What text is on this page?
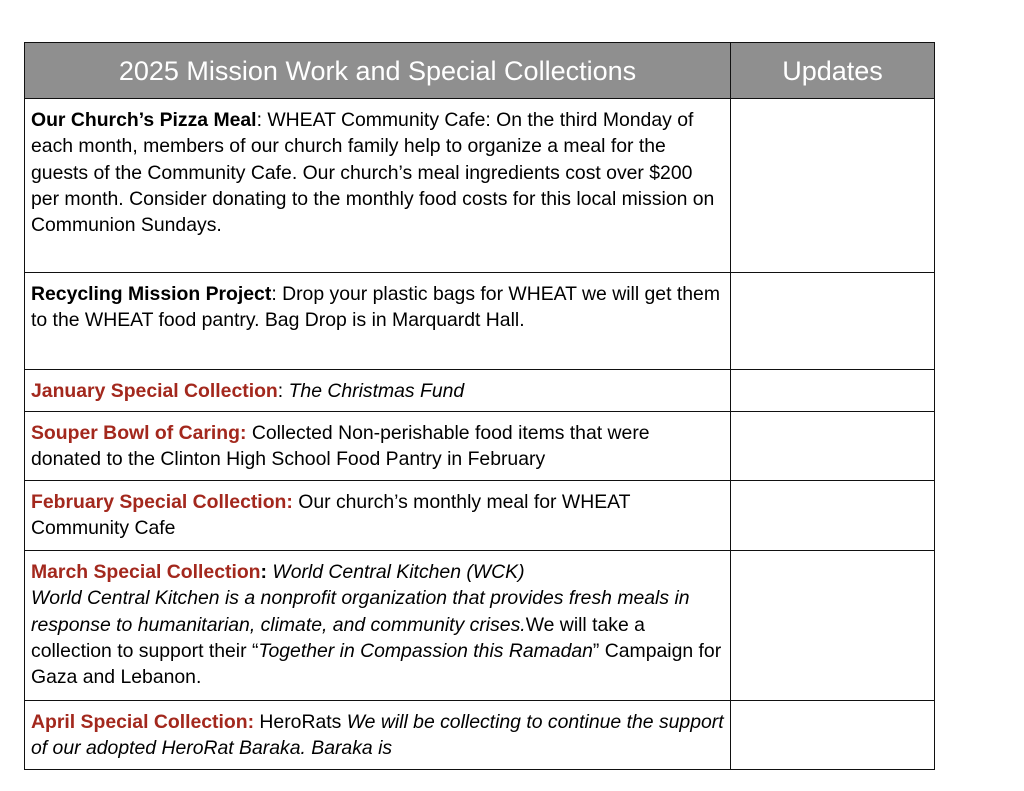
2025 Mission Work and Special Collections	Updates
Our Church’s Pizza Meal: WHEAT Community Cafe: On the third Monday of each month, members of our church family help to organize a meal for the guests of the Community Cafe. Our church’s meal ingredients cost over $200 per month. Consider donating to the monthly food costs for this local mission on Communion Sundays.	
Recycling Mission Project: Drop your plastic bags for WHEAT we will get them to the WHEAT food pantry. Bag Drop is in Marquardt Hall.	
January Special Collection: The Christmas Fund	
Souper Bowl of Caring: Collected Non-perishable food items that were donated to the Clinton High School Food Pantry in February	
February Special Collection: Our church’s monthly meal for WHEAT Community Cafe	
March Special Collection: World Central Kitchen (WCK)
World Central Kitchen is a nonprofit organization that provides fresh meals in response to humanitarian, climate, and community crises.We will take a collection to support their “Together in Compassion this Ramadan” Campaign for Gaza and Lebanon.	
April Special Collection: HeroRats We will be collecting to continue the support of our adopted HeroRat Baraka. Baraka is	
